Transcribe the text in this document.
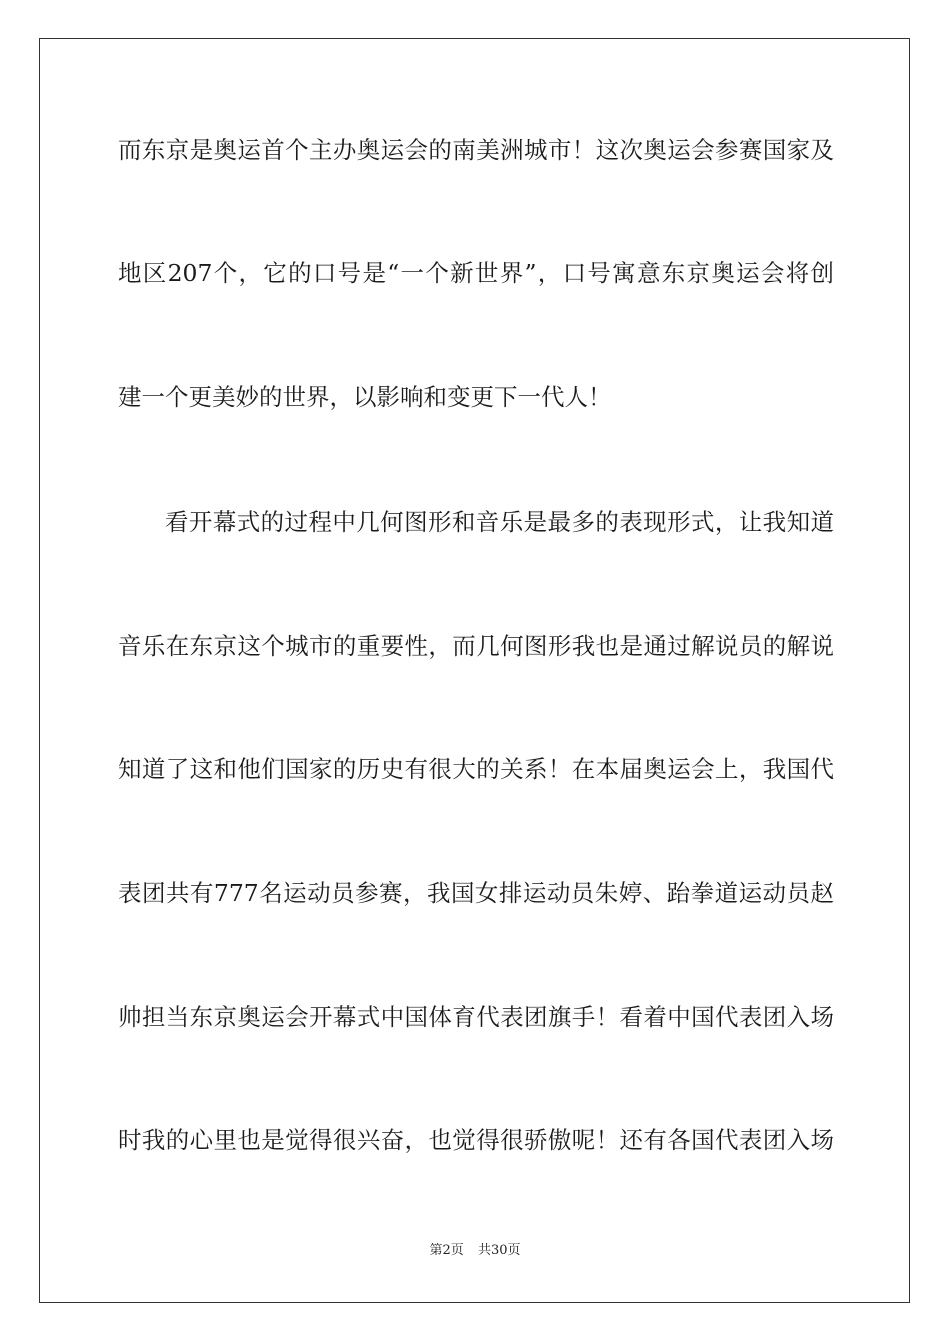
而东京是奥运首个主办奥运会的南美洲城市！这次奥运会参赛国家及
地区207个，它的口号是“一个新世界”，口号寓意东京奥运会将创
建一个更美妙的世界，以影响和变更下一代人！
看开幕式的过程中几何图形和音乐是最多的表现形式，让我知道
音乐在东京这个城市的重要性，而几何图形我也是通过解说员的解说
知道了这和他们国家的历史有很大的关系！在本届奥运会上，我国代
表团共有777名运动员参赛，我国女排运动员朱婷、跆拳道运动员赵
帅担当东京奥运会开幕式中国体育代表团旗手！看着中国代表团入场
时我的心里也是觉得很兴奋，也觉得很骄傲呢！还有各国代表团入场
第2页 共30页
